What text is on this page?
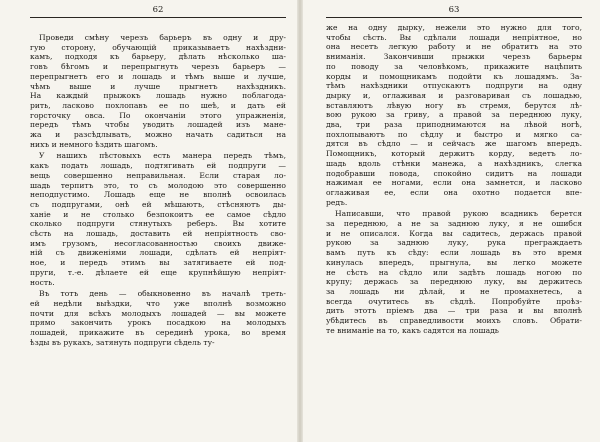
62
Проведи смѣну черезъ барьеръ въ одну и дру-
гую сторону, обучающій приказываетъ нахѣздни-
камъ, подходя къ барьеру, дѣлать нѣсколько ша-
говъ бѣгомъ и перепрыгнуть черезъ барьеръ —
перепрыгнетъ его и лошадь и тѣмъ выше и лучше,
чѣмъ выше и лучше прыгнетъ нахѣздникъ.
На каждый прыжокъ лошадь нужно поблагода-
рить, ласково похлопавъ ее по шеѣ, и дать ей
горсточку овса. По окончаніи этого упражненія,
передъ тѣмъ чтобы уводить лошадей изъ мане-
жа и разсѣдлывать, можно начать садиться на
нихъ и немного ѣздить шагомъ.
У нашихъ пѣстовыхъ есть манера передъ тѣмъ,
какъ подать лошадь, подтягивать ей подпруги —
вещь совершенно неправильная. Если старая ло-
шадь терпитъ это, то съ молодою это совершенно
неподпустимо. Лошадь еще не вполнѣ освоилась
съ подпругами, онѣ ей мѣшаютъ, стѣсняютъ ды-
ханіе и не столько безпокоитъ ее самое сѣдло
сколько подпруги стянутыхъ реберъ. Вы хотите
сѣсть на лошадь, доставить ей непріятность сво-
имъ грузомъ, несогласованностью своихъ движе-
ній съ движеніями лошади, сдѣлать ей непріят-
ное, и передъ этимъ вы затягиваете ей под-
пруги, т.-е. дѣлаете ей еще крупнѣйшую непріят-
ность.
Въ тотъ день — обыкновенно въ началѣ треть-
ей недѣли выѣздки, что уже вполнѣ возможно
почти для всѣхъ молодыхъ лошадей — вы можете
прямо закончить урокъ посадкою на молодыхъ
лошадей, прикажите въ серединѣ урока, во время
ѣзды въ рукахъ, затянуть подпруги сѣдель ту-
63
же на одну дырку, нежели это нужно для того,
чтобы сѣсть. Вы сдѣлали лошади непріятное, но
она несетъ легкую работу и не обратитъ на это
вниманія. Закончивши прыжки черезъ барьеры
по поводу за человѣкомъ, прикажите нацѣпить
корды и помощникамъ подойти къ лошадямъ. За-
тѣмъ нахѣздники отпускаютъ подпруги на одну
дырку и, оглаживая и разговаривая съ лошадью,
вставляютъ лѣвую ногу въ стремя, берутся лѣ-
вою рукою за гриву, а правой за переднюю луку,
два, три раза приподнимаются на лѣвой ногѣ,
похлопываютъ по сѣдлу и быстро и мягко са-
дятся въ сѣдло — и сейчасъ же шагомъ впередъ.
Помощникъ, который держитъ корду, ведетъ ло-
шадь вдоль стѣнки манежа, а нахѣздникъ, слегка
подобравши повода, спокойно сидитъ на лошади
нажимая ее ногами, если она замнется, и ласково
оглаживая ее, если она охотно подается впе-
редъ.
Написавши, что правой рукою всадникъ берется
за переднюю, а не за заднюю луку, я не ошибся
и не описался. Когда вы садитесь, держась правой
рукою за заднюю луку, рука преграждаетъ
вамъ путь къ сѣду: если лошадь въ это время
кинулась впередъ, прыгнула, вы легко можете
не сѣсть на сѣдло или задѣть лошадь ногою по
крупу; держась за переднюю луку, вы держитесь
за лошадь ни дѣлай, и не промахнетесь, а
всегда очутитесь въ сѣдлѣ. Попробуйте проѣз-
дить этотъ пріемъ два — три раза и вы вполнѣ
убѣдитесь въ справедливости моихъ словъ. Обрати-
те вниманіе на то, какъ садятся на лошадь
